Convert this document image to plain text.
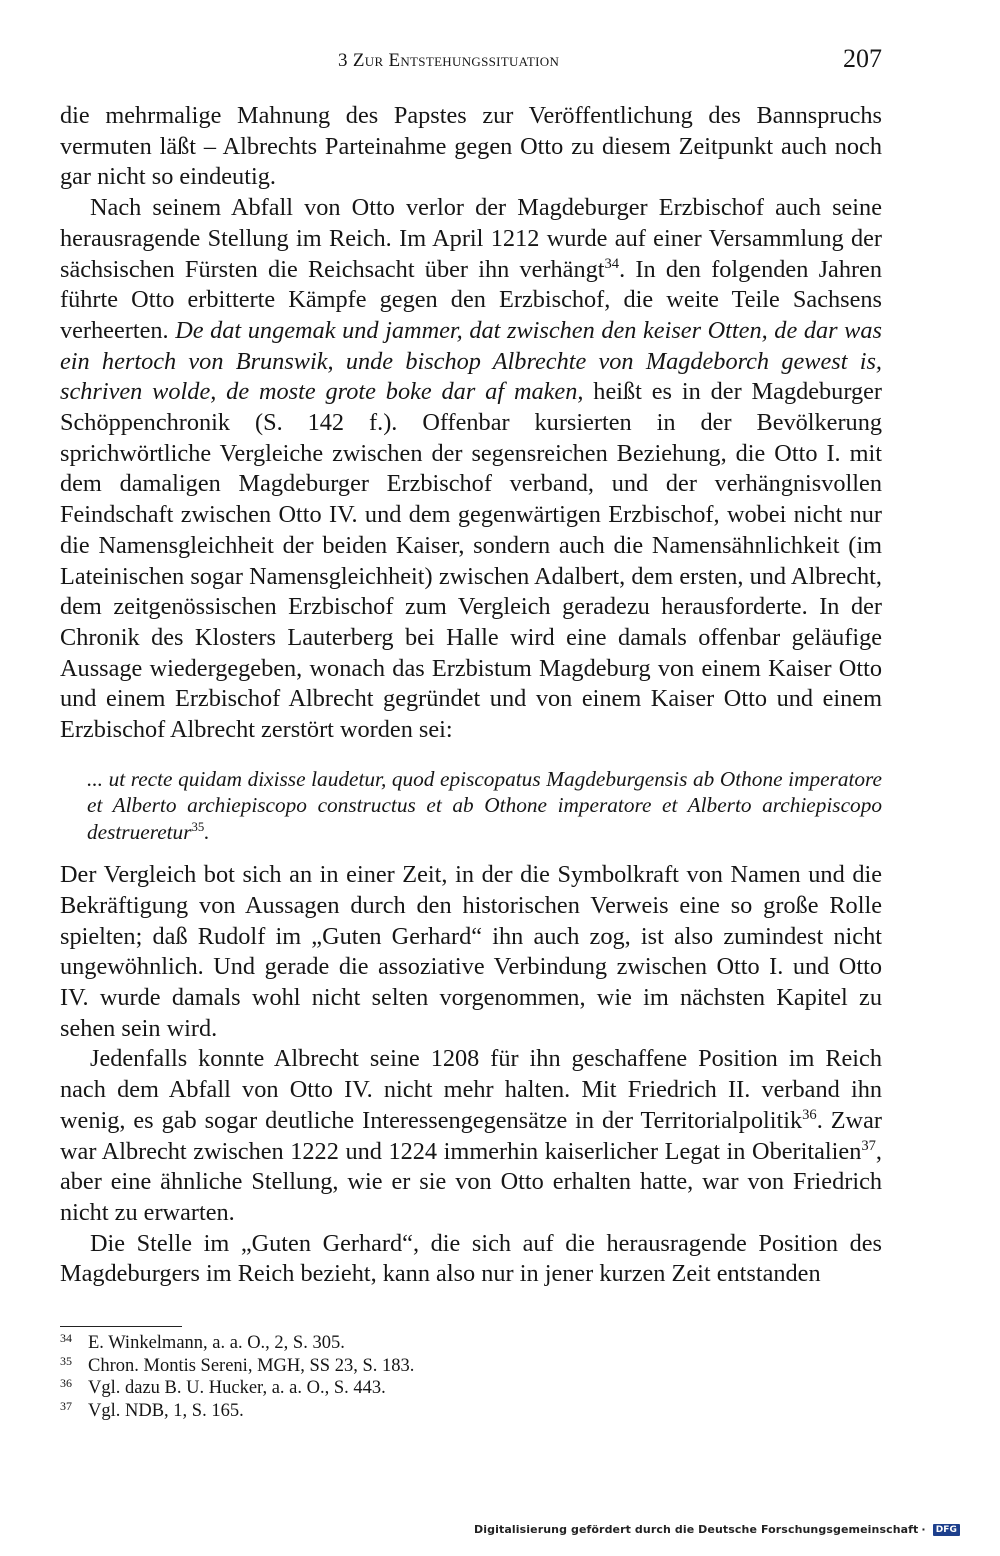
3 Zur Entstehungssituation	207

die mehrmalige Mahnung des Papstes zur Veröffentlichung des Bannspruchs vermuten läßt – Albrechts Parteinahme gegen Otto zu diesem Zeitpunkt auch noch gar nicht so eindeutig.

Nach seinem Abfall von Otto verlor der Magdeburger Erzbischof auch seine herausragende Stellung im Reich. Im April 1212 wurde auf einer Versammlung der sächsischen Fürsten die Reichsacht über ihn verhängt$^{34}$. In den folgenden Jahren führte Otto erbitterte Kämpfe gegen den Erzbischof, die weite Teile Sachsens verheerten. De dat ungemak und jammer, dat zwischen den keiser Otten, de dar was ein hertoch von Brunswik, unde bischop Albrechte von Magdeborch gewest is, schriven wolde, de moste grote boke dar af maken, heißt es in der Magdeburger Schöppenchronik (S. 142 f.). Offenbar kursierten in der Bevölkerung sprichwörtliche Vergleiche zwischen der segensreichen Beziehung, die Otto I. mit dem damaligen Magdeburger Erzbischof verband, und der verhängnisvollen Feindschaft zwischen Otto IV. und dem gegenwärtigen Erzbischof, wobei nicht nur die Namensgleichheit der beiden Kaiser, sondern auch die Namensähnlichkeit (im Lateinischen sogar Namensgleichheit) zwischen Adalbert, dem ersten, und Albrecht, dem zeitgenössischen Erzbischof zum Vergleich geradezu herausforderte. In der Chronik des Klosters Lauterberg bei Halle wird eine damals offenbar geläufige Aussage wiedergegeben, wonach das Erzbistum Magdeburg von einem Kaiser Otto und einem Erzbischof Albrecht gegründet und von einem Kaiser Otto und einem Erzbischof Albrecht zerstört worden sei:

... ut recte quidam dixisse laudetur, quod episcopatus Magdeburgensis ab Othone imperatore et Alberto archiepiscopo constructus et ab Othone imperatore et Alberto archiepiscopo destrueretur$^{35}$.

Der Vergleich bot sich an in einer Zeit, in der die Symbolkraft von Namen und die Bekräftigung von Aussagen durch den historischen Verweis eine so große Rolle spielten; daß Rudolf im „Guten Gerhard“ ihn auch zog, ist also zumindest nicht ungewöhnlich. Und gerade die assoziative Verbindung zwischen Otto I. und Otto IV. wurde damals wohl nicht selten vorgenommen, wie im nächsten Kapitel zu sehen sein wird.

Jedenfalls konnte Albrecht seine 1208 für ihn geschaffene Position im Reich nach dem Abfall von Otto IV. nicht mehr halten. Mit Friedrich II. verband ihn wenig, es gab sogar deutliche Interessengegensätze in der Territorialpolitik$^{36}$. Zwar war Albrecht zwischen 1222 und 1224 immerhin kaiserlicher Legat in Oberitalien$^{37}$, aber eine ähnliche Stellung, wie er sie von Otto erhalten hatte, war von Friedrich nicht zu erwarten.

Die Stelle im „Guten Gerhard“, die sich auf die herausragende Position des Magdeburgers im Reich bezieht, kann also nur in jener kurzen Zeit entstanden

34 E. Winkelmann, a. a. O., 2, S. 305.
35 Chron. Montis Sereni, MGH, SS 23, S. 183.
36 Vgl. dazu B. U. Hucker, a. a. O., S. 443.
37 Vgl. NDB, 1, S. 165.
Digitalisierung gefördert durch die Deutsche Forschungsgemeinschaft ·	DFG
